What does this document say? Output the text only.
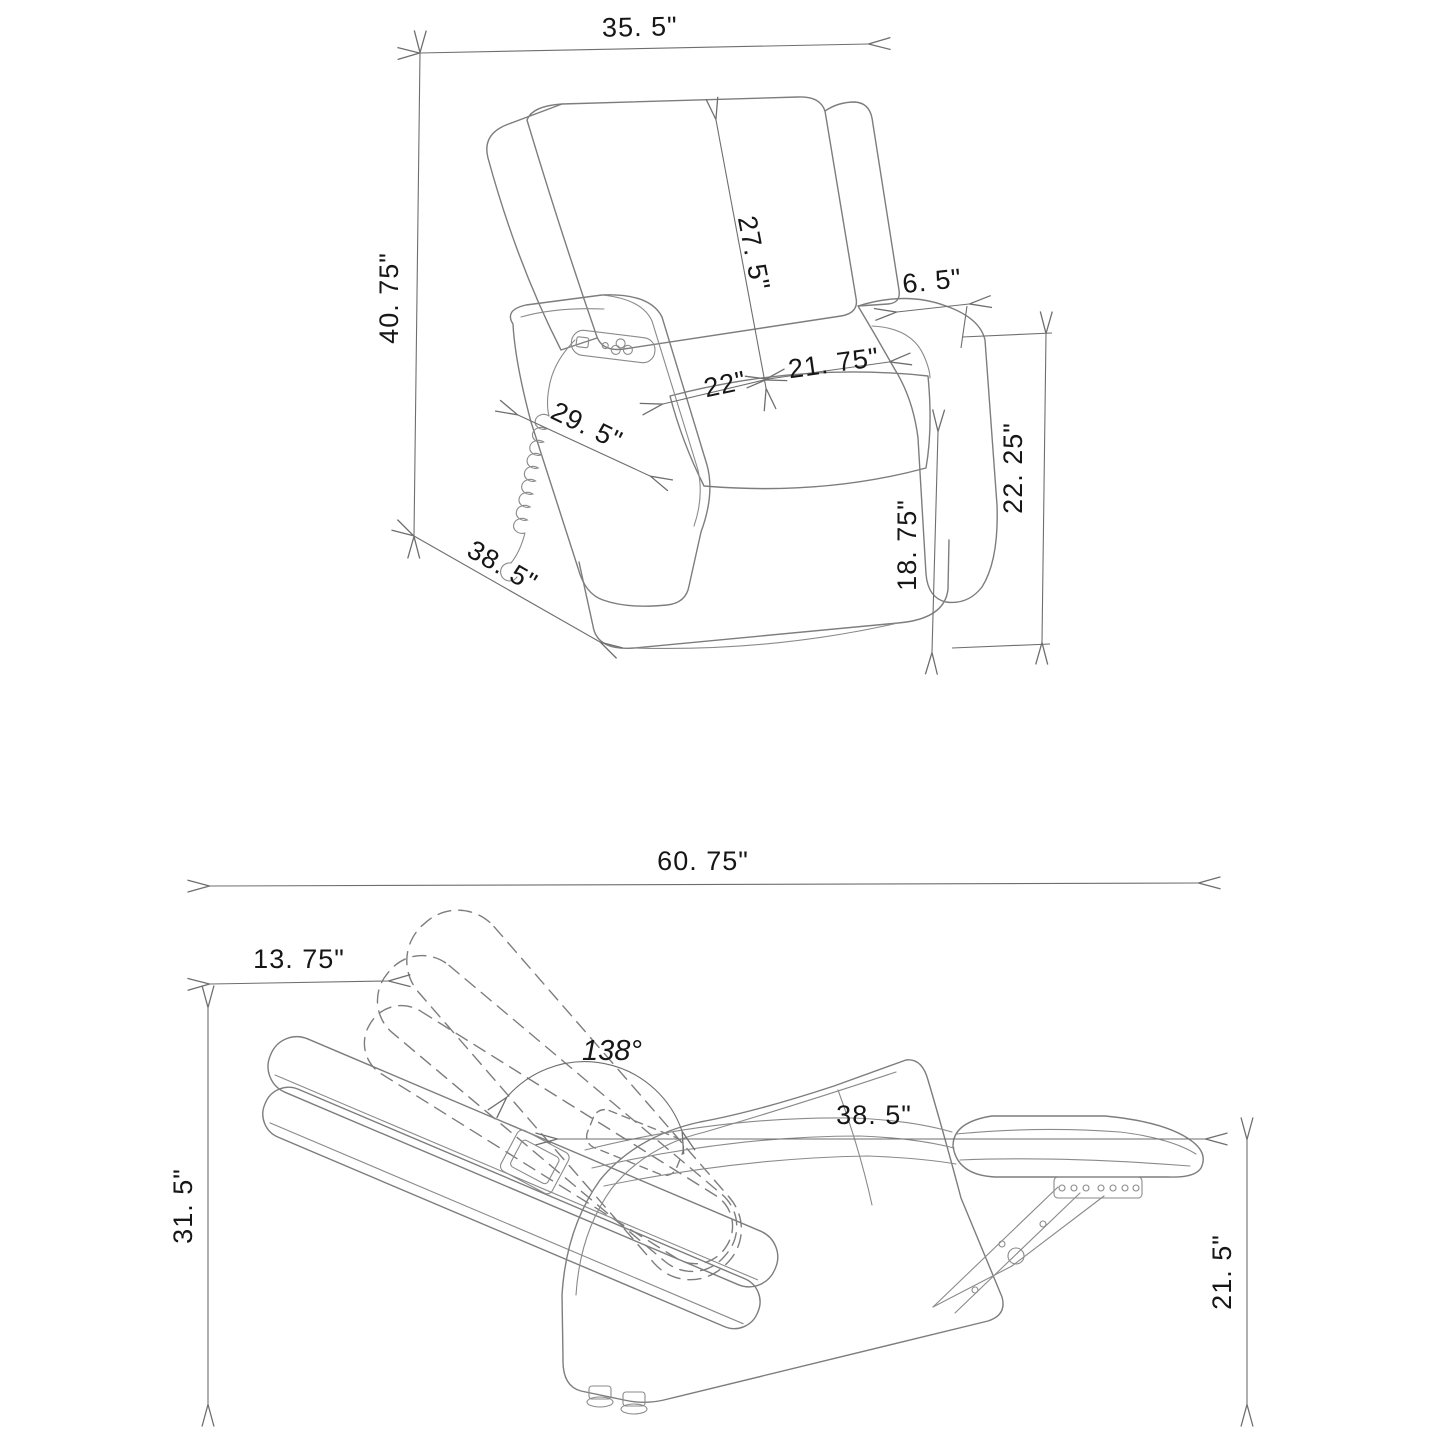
35. 5"
40. 75"	27. 5"	6. 5"
22" 21. 75"
29. 5"
18. 75"
22. 25"
38. 5"
60. 75"
13. 75"
31. 5"
138°
38. 5"
21. 5"
